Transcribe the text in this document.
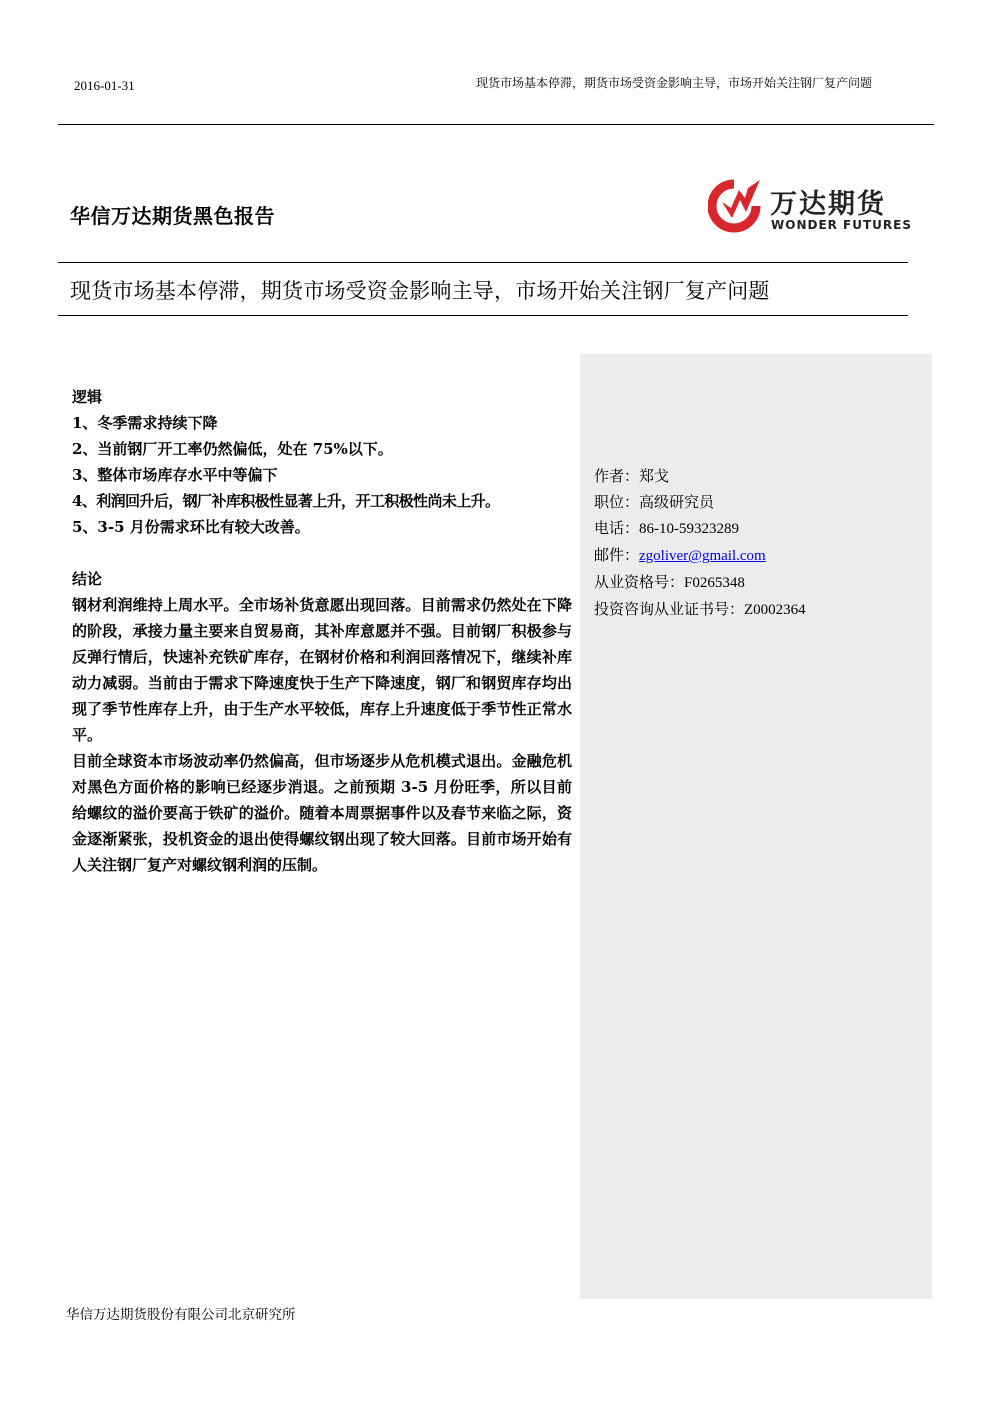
2016-01-31	现货市场基本停滞，期货市场受资金影响主导，市场开始关注钢厂复产问题
华信万达期货黑色报告	万达期货
WONDER FUTURES
现货市场基本停滞，期货市场受资金影响主导，市场开始关注钢厂复产问题

逻辑

1、冬季需求持续下降

2、当前钢厂开工率仍然偏低，处在 75%以下。

3、整体市场库存水平中等偏下

4、利润回升后，钢厂补库积极性显著上升，开工积极性尚未上升。

5、3-5 月份需求环比有较大改善。

结论

钢材利润维持上周水平。全市场补货意愿出现回落。目前需求仍然处在下降的阶段，承接力量主要来自贸易商，其补库意愿并不强。目前钢厂积极参与反弹行情后，快速补充铁矿库存，在钢材价格和利润回落情况下，继续补库动力减弱。当前由于需求下降速度快于生产下降速度，钢厂和钢贸库存均出现了季节性库存上升，由于生产水平较低，库存上升速度低于季节性正常水平。

目前全球资本市场波动率仍然偏高，但市场逐步从危机模式退出。金融危机对黑色方面价格的影响已经逐步消退。之前预期 3-5 月份旺季，所以目前给螺纹的溢价要高于铁矿的溢价。随着本周票据事件以及春节来临之际，资金逐渐紧张，投机资金的退出使得螺纹钢出现了较大回落。目前市场开始有人关注钢厂复产对螺纹钢利润的压制。

作者：郑戈
职位：高级研究员
电话：86-10-59323289
邮件：zgoliver@gmail.com
从业资格号：F0265348
投资咨询从业证书号：Z0002364
华信万达期货股份有限公司北京研究所
